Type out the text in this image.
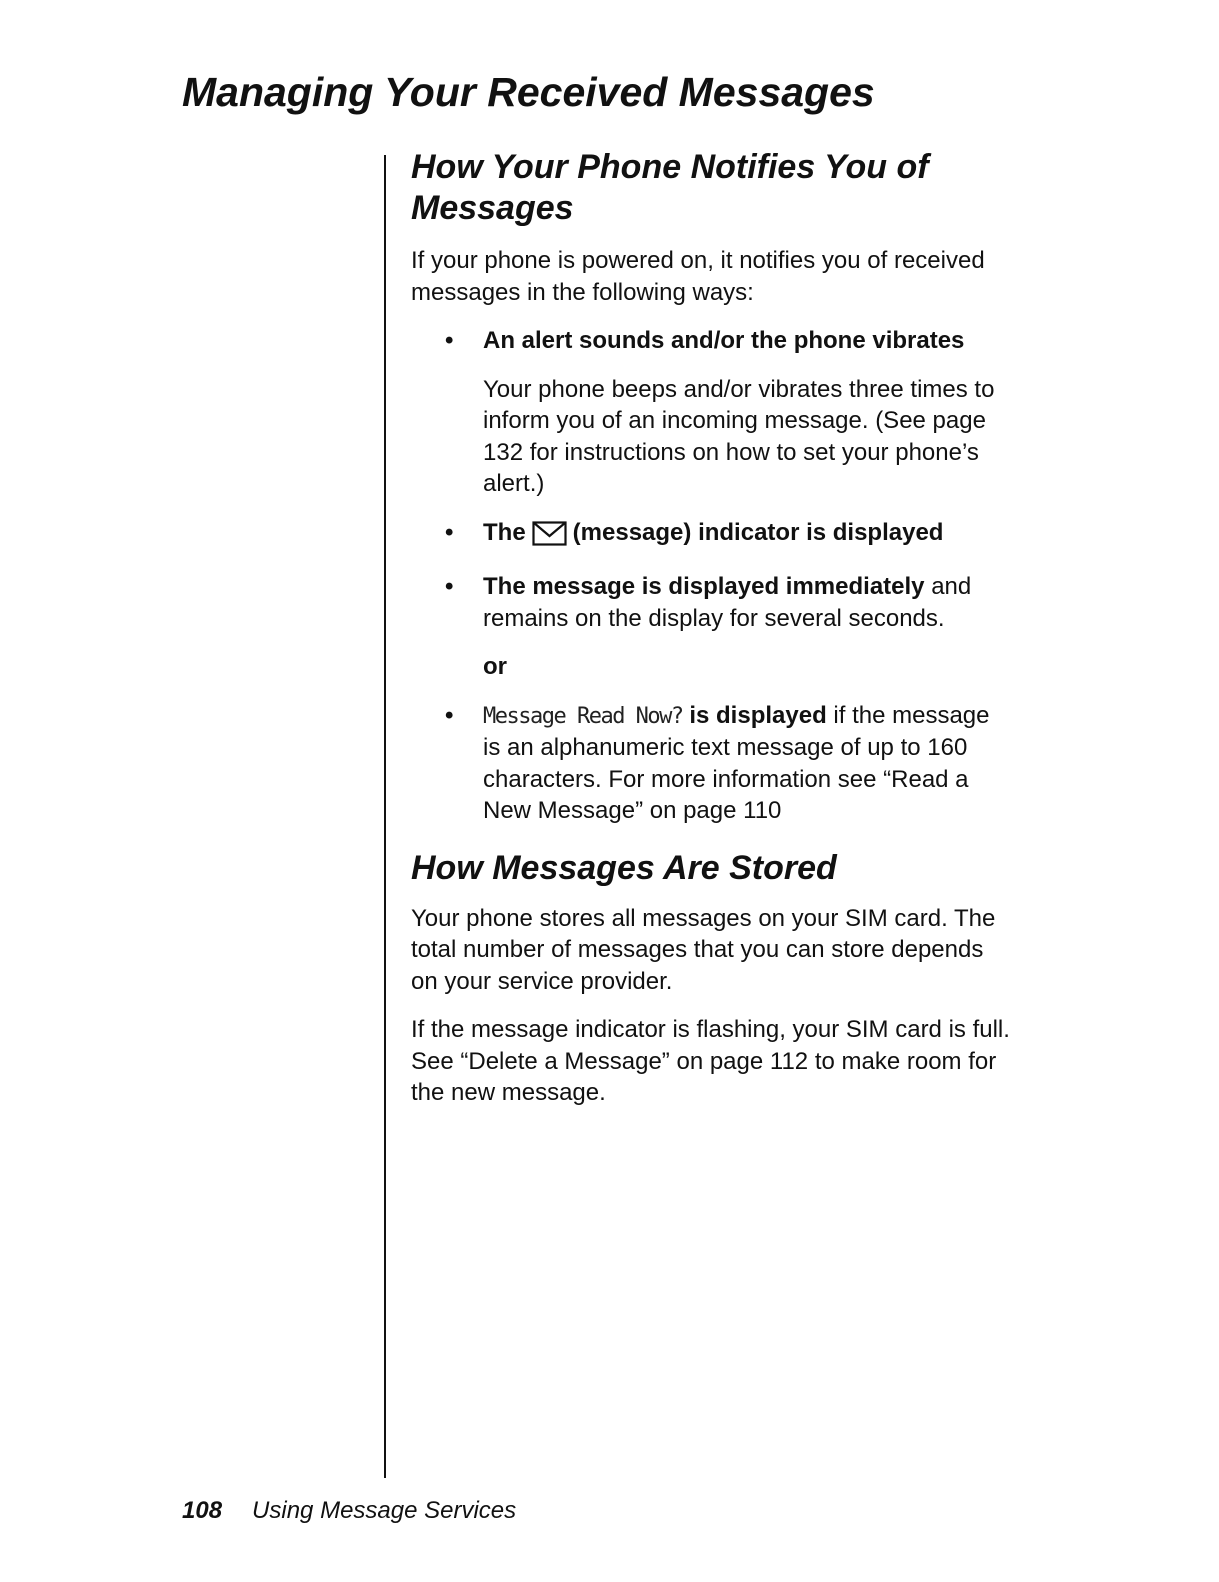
Managing Your Received Messages
How Your Phone Notifies You of Messages

If your phone is powered on, it notifies you of received messages in the following ways:

• An alert sounds and/or the phone vibrates

Your phone beeps and/or vibrates three times to inform you of an incoming message. (See page 132 for instructions on how to set your phone’s alert.)

• The (message) indicator is displayed

• The message is displayed immediately and remains on the display for several seconds.

or

• Message Read Now? is displayed if the message is an alphanumeric text message of up to 160 characters. For more information see “Read a New Message” on page 110

How Messages Are Stored

Your phone stores all messages on your SIM card. The total number of messages that you can store depends on your service provider.

If the message indicator is flashing, your SIM card is full. See “Delete a Message” on page 112 to make room for the new message.

108 Using Message Services
